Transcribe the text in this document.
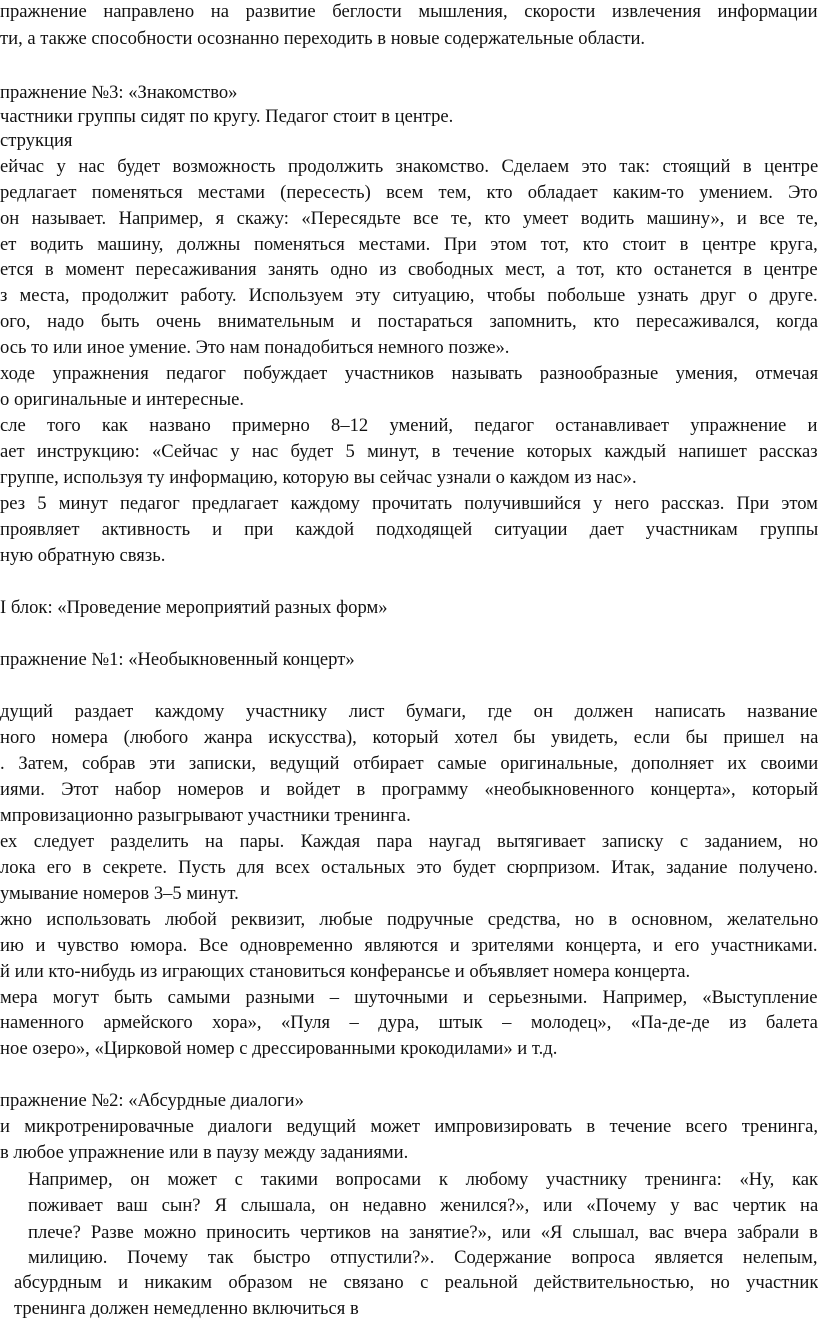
пражнение направлено на развитие беглости мышления, скорости извлечения информации
ти, а также способности осознанно переходить в новые содержательные области.
пражнение №3: «Знакомство»
частники группы сидят по кругу. Педагог стоит в центре.
струкция
ейчас у нас будет возможность продолжить знакомство. Сделаем это так: стоящий в центре
редлагает поменяться местами (пересесть) всем тем, кто обладает каким-то умением. Это
он называет. Например, я скажу: «Пересядьте все те, кто умеет водить машину», и все те,
ет водить машину, должны поменяться местами. При этом тот, кто стоит в центре круга,
ется в момент пересаживания занять одно из свободных мест, а тот, кто останется в центре
з места, продолжит работу. Используем эту ситуацию, чтобы побольше узнать друг о друге.
ого, надо быть очень внимательным и постараться запомнить, кто пересаживался, когда
ось то или иное умение. Это нам понадобиться немного позже».
ходе упражнения педагог побуждает участников называть разнообразные умения, отмечая
о оригинальные и интересные.
сле того как названо примерно 8–12 умений, педагог останавливает упражнение и
ает инструкцию: «Сейчас у нас будет 5 минут, в течение которых каждый напишет рассказ
группе, используя ту информацию, которую вы сейчас узнали о каждом из нас».
рез 5 минут педагог предлагает каждому прочитать получившийся у него рассказ. При этом
проявляет активность и при каждой подходящей ситуации дает участникам группы
ную обратную связь.
I блок: «Проведение мероприятий разных форм»
пражнение №1: «Необыкновенный концерт»
дущий раздает каждому участнику лист бумаги, где он должен написать название
ного номера (любого жанра искусства), который хотел бы увидеть, если бы пришел на
. Затем, собрав эти записки, ведущий отбирает самые оригинальные, дополняет их своими
иями. Этот набор номеров и войдет в программу «необыкновенного концерта», который
мпровизационно разыгрывают участники тренинга.
ех следует разделить на пары. Каждая пара наугад вытягивает записку с заданием, но
лока его в секрете. Пусть для всех остальных это будет сюрпризом. Итак, задание получено.
умывание номеров 3–5 минут.
жно использовать любой реквизит, любые подручные средства, но в основном, желательно
ию и чувство юмора. Все одновременно являются и зрителями концерта, и его участниками.
й или кто-нибудь из играющих становиться конферансье и объявляет номера концерта.
мера могут быть самыми разными – шуточными и серьезными. Например, «Выступление
наменного армейского хора», «Пуля – дура, штык – молодец», «Па-де-де из балета
ное озеро», «Цирковой номер с дрессированными крокодилами» и т.д.
пражнение №2: «Абсурдные диалоги»
и микротренировачные диалоги ведущий может импровизировать в течение всего тренинга,
в любое упражнение или в паузу между заданиями.
Например, он может с такими вопросами к любому участнику тренинга: «Ну, как
поживает ваш сын? Я слышала, он недавно женился?», или «Почему у вас чертик на
плече? Разве можно приносить чертиков на занятие?», или «Я слышал, вас вчера забрали в
милицию. Почему так быстро отпустили?». Содержание вопроса является нелепым,
абсурдным и никаким образом не связано с реальной действительностью, но участник
тренинга должен немедленно включиться в
